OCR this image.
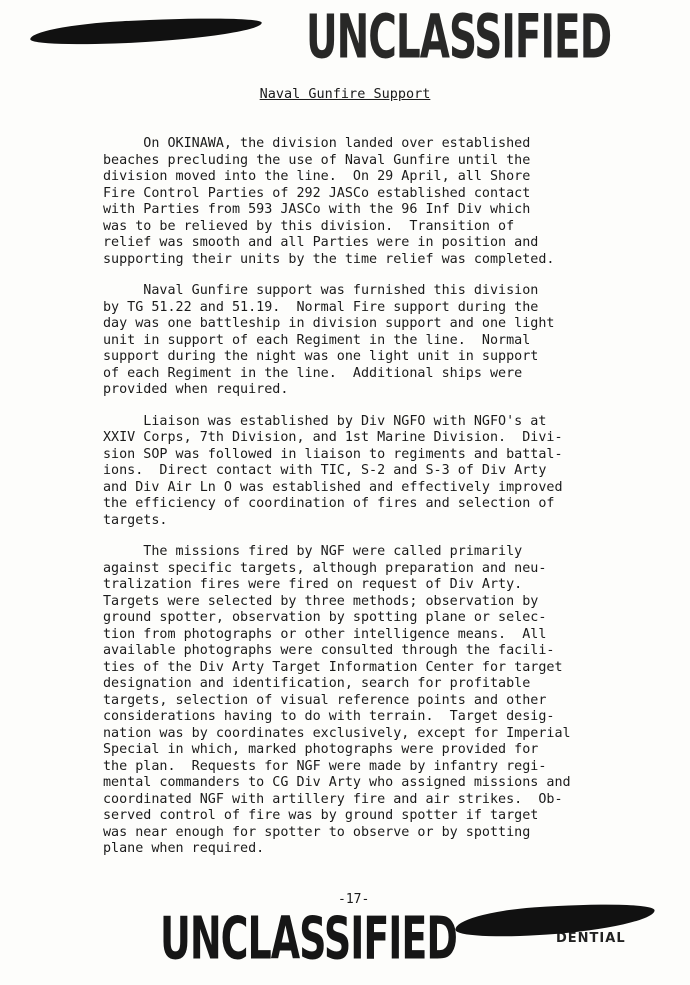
UNCLASSIFIED
Naval Gunfire Support
On OKINAWA, the division landed over established
beaches precluding the use of Naval Gunfire until the
division moved into the line.  On 29 April, all Shore
Fire Control Parties of 292 JASCo established contact
with Parties from 593 JASCo with the 96 Inf Div which
was to be relieved by this division.  Transition of
relief was smooth and all Parties were in position and
supporting their units by the time relief was completed.
Naval Gunfire support was furnished this division
by TG 51.22 and 51.19.  Normal Fire support during the
day was one battleship in division support and one light
unit in support of each Regiment in the line.  Normal
support during the night was one light unit in support
of each Regiment in the line.  Additional ships were
provided when required.
Liaison was established by Div NGFO with NGFO's at
XXIV Corps, 7th Division, and 1st Marine Division.  Divi-
sion SOP was followed in liaison to regiments and battal-
ions.  Direct contact with TIC, S-2 and S-3 of Div Arty
and Div Air Ln O was established and effectively improved
the efficiency of coordination of fires and selection of
targets.
The missions fired by NGF were called primarily
against specific targets, although preparation and neu-
tralization fires were fired on request of Div Arty.
Targets were selected by three methods; observation by
ground spotter, observation by spotting plane or selec-
tion from photographs or other intelligence means.  All
available photographs were consulted through the facili-
ties of the Div Arty Target Information Center for target
designation and identification, search for profitable
targets, selection of visual reference points and other
considerations having to do with terrain.  Target desig-
nation was by coordinates exclusively, except for Imperial
Special in which, marked photographs were provided for
the plan.  Requests for NGF were made by infantry regi-
mental commanders to CG Div Arty who assigned missions and
coordinated NGF with artillery fire and air strikes.  Ob-
served control of fire was by ground spotter if target
was near enough for spotter to observe or by spotting
plane when required.
-17-
UNCLASSIFIED	DENTIAL
